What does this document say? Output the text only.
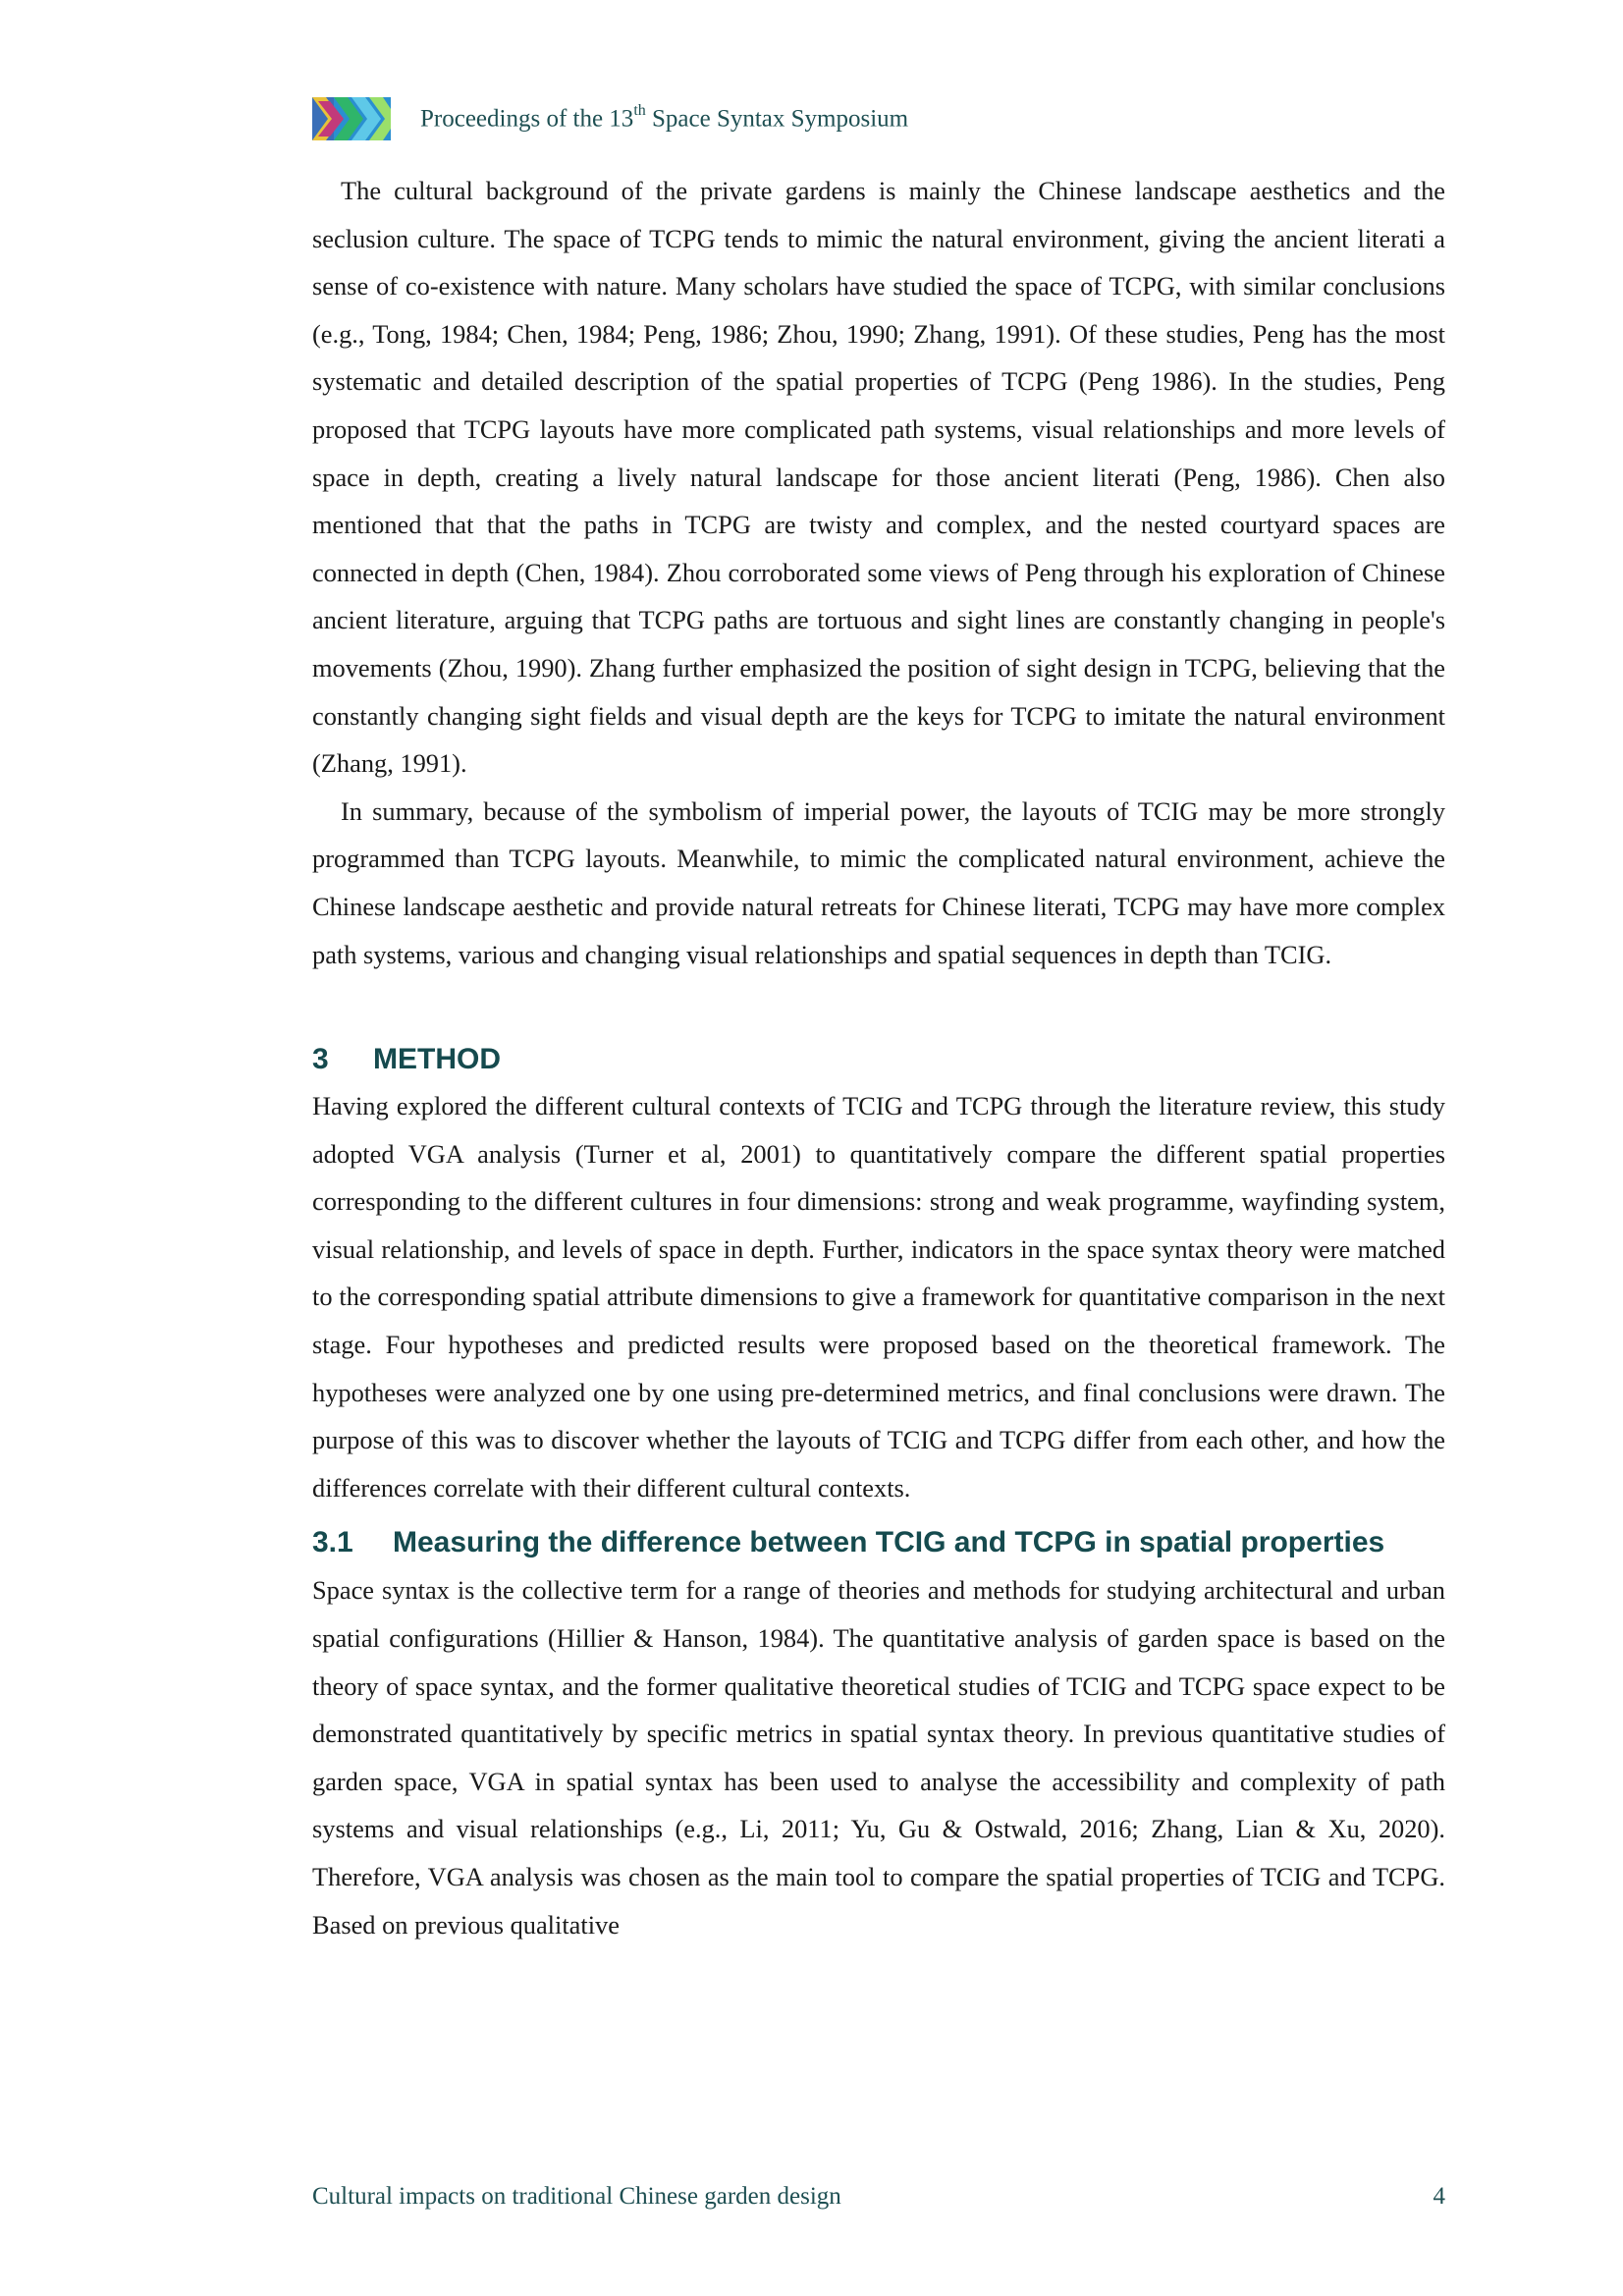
Proceedings of the 13th Space Syntax Symposium

The cultural background of the private gardens is mainly the Chinese landscape aesthetics and the seclusion culture. The space of TCPG tends to mimic the natural environment, giving the ancient literati a sense of co-existence with nature. Many scholars have studied the space of TCPG, with similar conclusions (e.g., Tong, 1984; Chen, 1984; Peng, 1986; Zhou, 1990; Zhang, 1991). Of these studies, Peng has the most systematic and detailed description of the spatial properties of TCPG (Peng 1986). In the studies, Peng proposed that TCPG layouts have more complicated path systems, visual relationships and more levels of space in depth, creating a lively natural landscape for those ancient literati (Peng, 1986). Chen also mentioned that that the paths in TCPG are twisty and complex, and the nested courtyard spaces are connected in depth (Chen, 1984). Zhou corroborated some views of Peng through his exploration of Chinese ancient literature, arguing that TCPG paths are tortuous and sight lines are constantly changing in people's movements (Zhou, 1990). Zhang further emphasized the position of sight design in TCPG, believing that the constantly changing sight fields and visual depth are the keys for TCPG to imitate the natural environment (Zhang, 1991).

In summary, because of the symbolism of imperial power, the layouts of TCIG may be more strongly programmed than TCPG layouts. Meanwhile, to mimic the complicated natural environment, achieve the Chinese landscape aesthetic and provide natural retreats for Chinese literati, TCPG may have more complex path systems, various and changing visual relationships and spatial sequences in depth than TCIG.

3 METHOD

Having explored the different cultural contexts of TCIG and TCPG through the literature review, this study adopted VGA analysis (Turner et al, 2001) to quantitatively compare the different spatial properties corresponding to the different cultures in four dimensions: strong and weak programme, wayfinding system, visual relationship, and levels of space in depth. Further, indicators in the space syntax theory were matched to the corresponding spatial attribute dimensions to give a framework for quantitative comparison in the next stage. Four hypotheses and predicted results were proposed based on the theoretical framework. The hypotheses were analyzed one by one using pre-determined metrics, and final conclusions were drawn. The purpose of this was to discover whether the layouts of TCIG and TCPG differ from each other, and how the differences correlate with their different cultural contexts.

3.1 Measuring the difference between TCIG and TCPG in spatial properties

Space syntax is the collective term for a range of theories and methods for studying architectural and urban spatial configurations (Hillier & Hanson, 1984). The quantitative analysis of garden space is based on the theory of space syntax, and the former qualitative theoretical studies of TCIG and TCPG space expect to be demonstrated quantitatively by specific metrics in spatial syntax theory. In previous quantitative studies of garden space, VGA in spatial syntax has been used to analyse the accessibility and complexity of path systems and visual relationships (e.g., Li, 2011; Yu, Gu & Ostwald, 2016; Zhang, Lian & Xu, 2020). Therefore, VGA analysis was chosen as the main tool to compare the spatial properties of TCIG and TCPG. Based on previous qualitative

Cultural impacts on traditional Chinese garden design	4
